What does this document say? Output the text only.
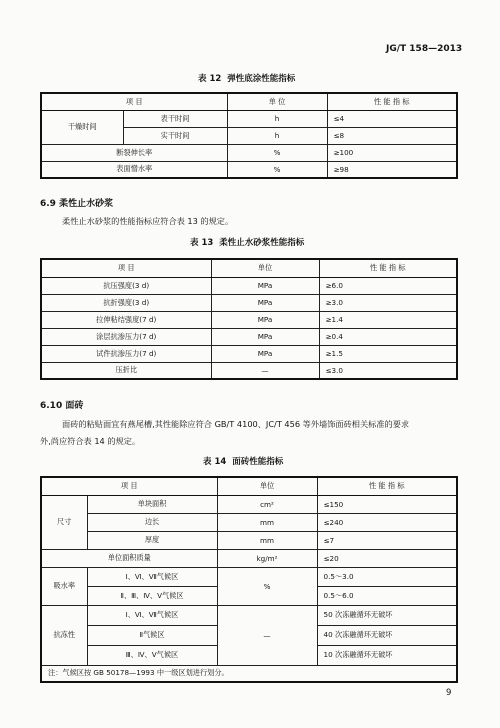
JG/T 158—2013
表 12  弹性底涂性能指标
项 目		单 位	性 能 指 标
干燥时间	表干时间	h	≤4
	实干时间	h	≤8
断裂伸长率		%	≥100
表面憎水率		%	≥98
6.9 柔性止水砂浆
柔性止水砂浆的性能指标应符合表 13 的规定。
表 13  柔性止水砂浆性能指标
项 目	单位	性 能 指 标
抗压强度(3 d)	MPa	≥6.0
抗折强度(3 d)	MPa	≥3.0
拉伸粘结强度(7 d)	MPa	≥1.4
涂层抗渗压力(7 d)	MPa	≥0.4
试件抗渗压力(7 d)	MPa	≥1.5
压折比	—	≤3.0
6.10 面砖
面砖的粘贴面宜有燕尾槽,其性能除应符合 GB/T 4100、JC/T 456 等外墙饰面砖相关标准的要求
外,尚应符合表 14 的规定。
表 14  面砖性能指标
项 目		单位	性 能 指 标
尺寸	单块面积	cm²	≤150
	边长	mm	≤240
	厚度	mm	≤7
单位面积质量		kg/m²	≤20
吸水率	Ⅰ、Ⅵ、Ⅶ气候区	%	0.5～3.0
	Ⅱ、Ⅲ、Ⅳ、Ⅴ气候区		0.5～6.0
抗冻性	Ⅰ、Ⅵ、Ⅶ气候区	—	50 次冻融循环无破坏
	Ⅱ气候区		40 次冻融循环无破坏
	Ⅲ、Ⅳ、Ⅴ气候区		10 次冻融循环无破坏
注：气候区按 GB 50178—1993 中一级区划进行划分。			
9
